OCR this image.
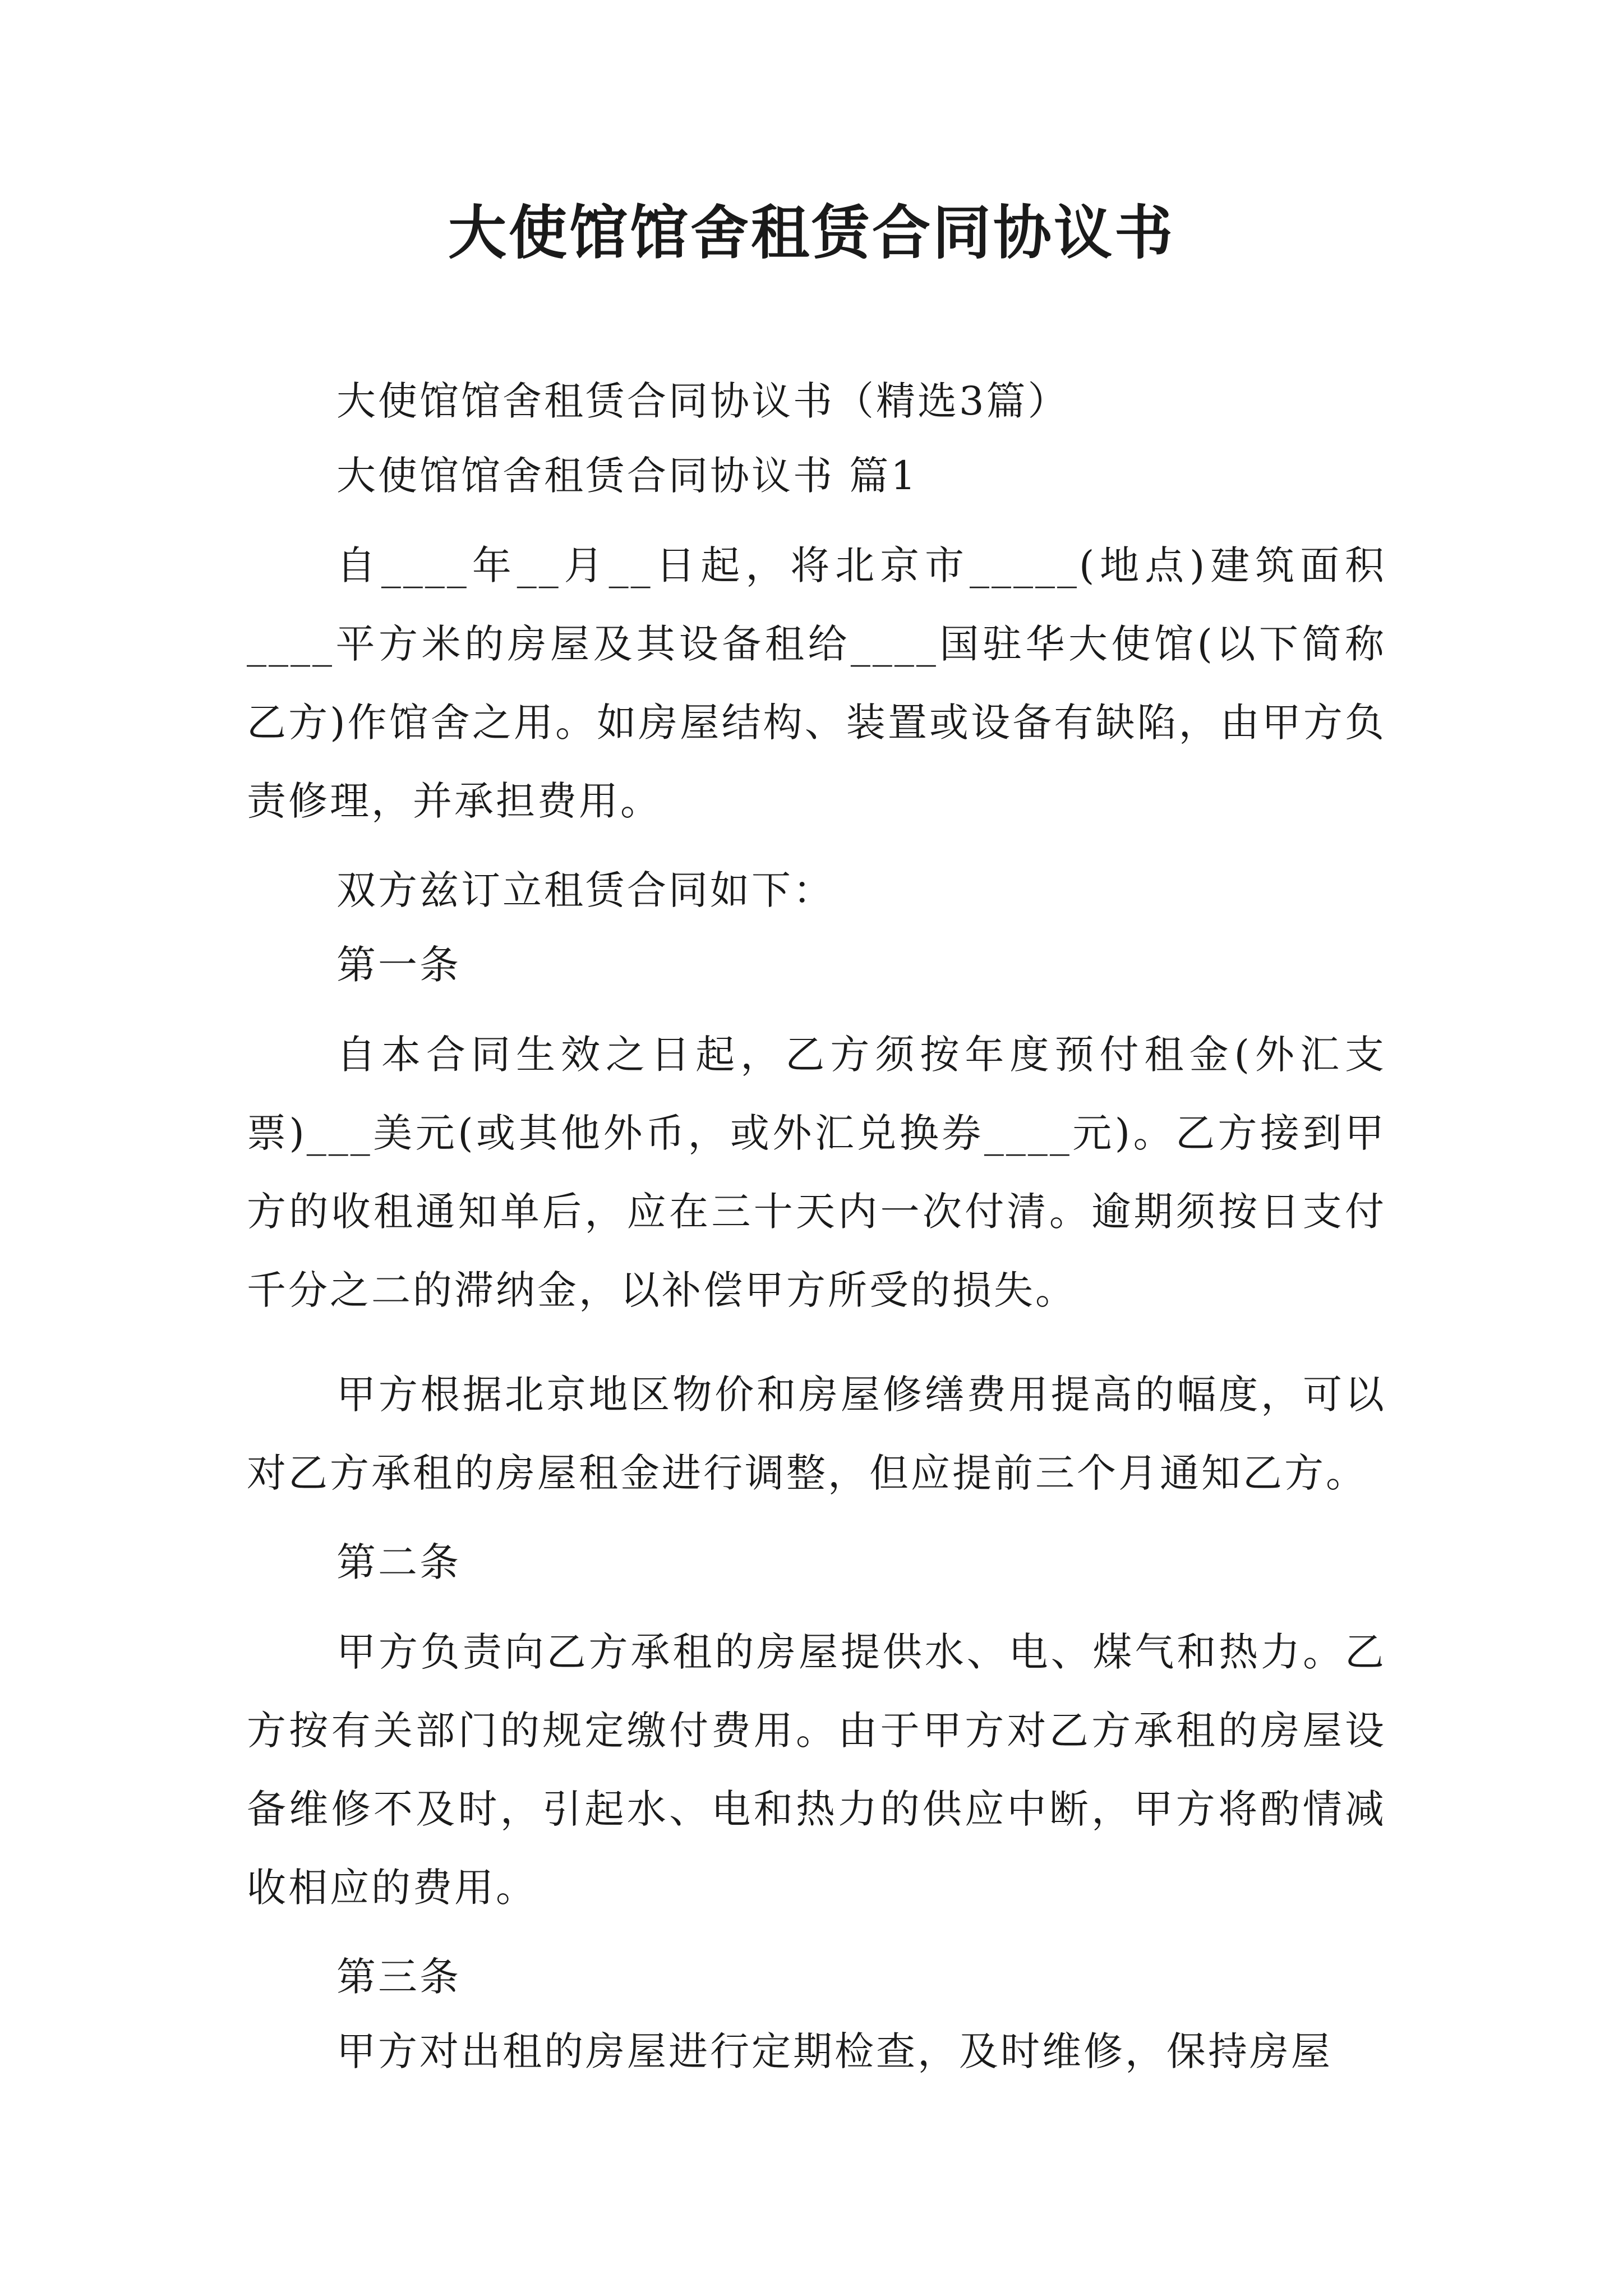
大使馆馆舍租赁合同协议书

大使馆馆舍租赁合同协议书（精选3篇）

大使馆馆舍租赁合同协议书 篇1

自____年__月__日起，将北京市_____(地点)建筑面积____平方米的房屋及其设备租给____国驻华大使馆(以下简称乙方)作馆舍之用。如房屋结构、装置或设备有缺陷，由甲方负责修理，并承担费用。

双方兹订立租赁合同如下：

第一条

自本合同生效之日起，乙方须按年度预付租金(外汇支票)___美元(或其他外币，或外汇兑换券____元)。乙方接到甲方的收租通知单后，应在三十天内一次付清。逾期须按日支付千分之二的滞纳金，以补偿甲方所受的损失。

甲方根据北京地区物价和房屋修缮费用提高的幅度，可以对乙方承租的房屋租金进行调整，但应提前三个月通知乙方。

第二条

甲方负责向乙方承租的房屋提供水、电、煤气和热力。乙方按有关部门的规定缴付费用。由于甲方对乙方承租的房屋设备维修不及时，引起水、电和热力的供应中断，甲方将酌情减收相应的费用。

第三条

甲方对出租的房屋进行定期检查，及时维修，保持房屋
